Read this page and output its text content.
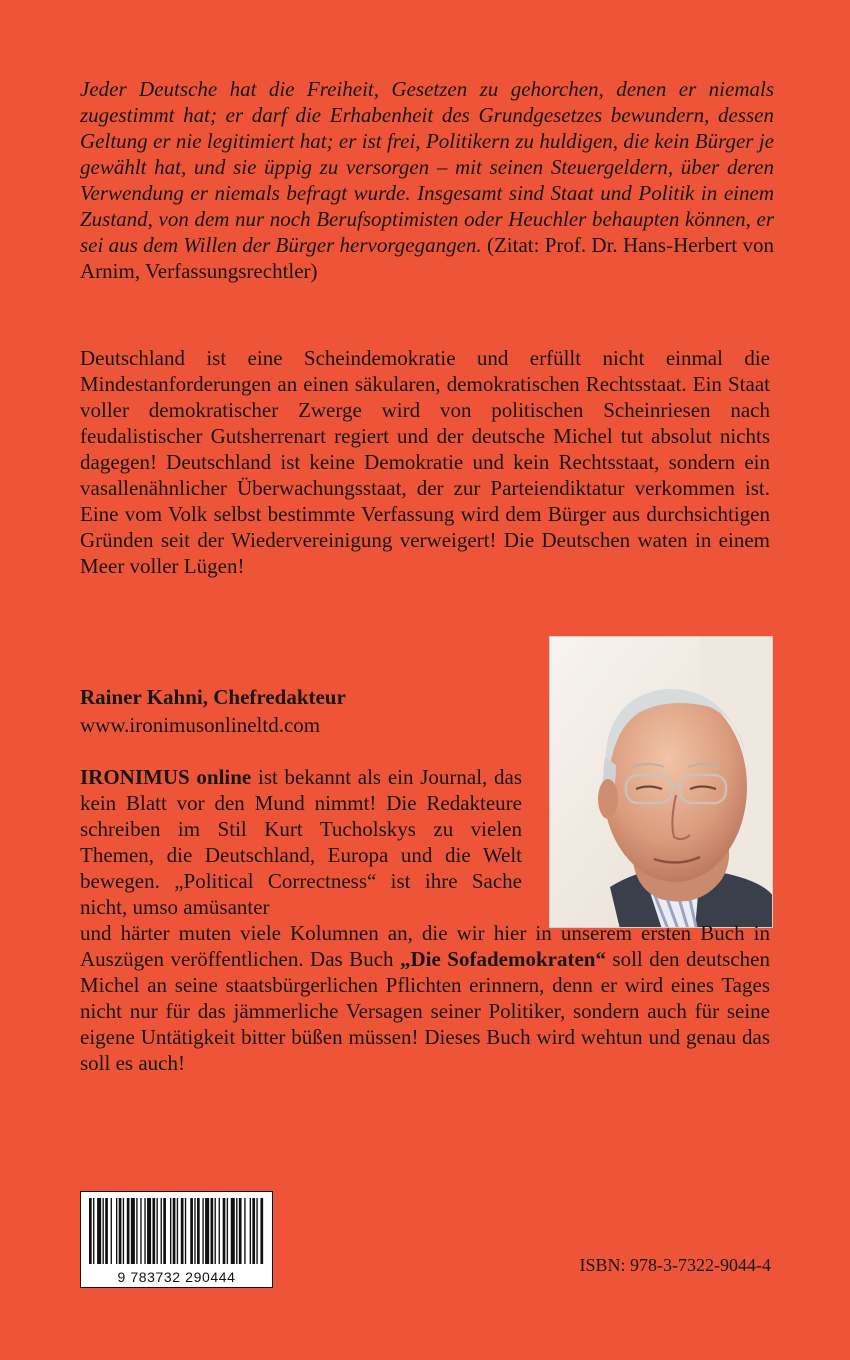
Jeder Deutsche hat die Freiheit, Gesetzen zu gehorchen, denen er niemals zugestimmt hat; er darf die Erhabenheit des Grundgesetzes bewundern, dessen Geltung er nie legitimiert hat; er ist frei, Politikern zu huldigen, die kein Bürger je gewählt hat, und sie üppig zu versorgen – mit seinen Steuergeldern, über deren Verwendung er niemals befragt wurde. Insgesamt sind Staat und Politik in einem Zustand, von dem nur noch Berufsoptimisten oder Heuchler behaupten können, er sei aus dem Willen der Bürger hervorgegangen. (Zitat: Prof. Dr. Hans-Herbert von Arnim, Verfassungsrechtler)
Deutschland ist eine Scheindemokratie und erfüllt nicht einmal die Mindestanforderungen an einen säkularen, demokratischen Rechtsstaat. Ein Staat voller demokratischer Zwerge wird von politischen Scheinriesen nach feudalistischer Gutsherrenart regiert und der deutsche Michel tut absolut nichts dagegen! Deutschland ist keine Demokratie und kein Rechtsstaat, sondern ein vasallenähnlicher Überwachungsstaat, der zur Parteiendiktatur verkommen ist. Eine vom Volk selbst bestimmte Verfassung wird dem Bürger aus durchsichtigen Gründen seit der Wiedervereinigung verweigert! Die Deutschen waten in einem Meer voller Lügen!
Rainer Kahni, Chefredakteur
www.ironimusonlineltd.com
IRONIMUS online ist bekannt als ein Journal, das kein Blatt vor den Mund nimmt! Die Redakteure schreiben im Stil Kurt Tucholskys zu vielen Themen, die Deutschland, Europa und die Welt bewegen. „Political Correctness“ ist ihre Sache nicht, umso amüsanter
und härter muten viele Kolumnen an, die wir hier in unserem ersten Buch in Auszügen veröffentlichen. Das Buch „Die Sofademokraten“ soll den deutschen Michel an seine staatsbürgerlichen Pflichten erinnern, denn er wird eines Tages nicht nur für das jämmerliche Versagen seiner Politiker, sondern auch für seine eigene Untätigkeit bitter büßen müssen! Dieses Buch wird wehtun und genau das soll es auch!
9 783732 290444
ISBN: 978-3-7322-9044-4
